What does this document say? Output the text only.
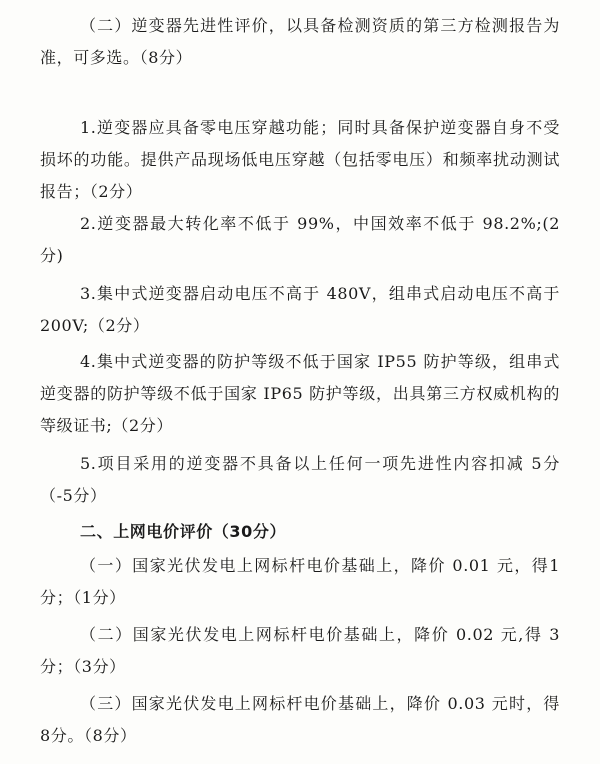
（二）逆变器先进性评价，以具备检测资质的第三方检测报告为准，可多选。（8分）

1.逆变器应具备零电压穿越功能；同时具备保护逆变器自身不受损坏的功能。提供产品现场低电压穿越（包括零电压）和频率扰动测试报告；（2分）

2.逆变器最大转化率不低于 99%，中国效率不低于 98.2%;(2分)

3.集中式逆变器启动电压不高于 480V，组串式启动电压不高于 200V;（2分）

4.集中式逆变器的防护等级不低于国家 IP55 防护等级，组串式逆变器的防护等级不低于国家 IP65 防护等级，出具第三方权威机构的等级证书;（2分）

5.项目采用的逆变器不具备以上任何一项先进性内容扣减 5分（-5分）

二、上网电价评价（30分）

（一）国家光伏发电上网标杆电价基础上，降价 0.01 元，得1分；（1分）

（二）国家光伏发电上网标杆电价基础上，降价 0.02 元,得 3分；（3分）

（三）国家光伏发电上网标杆电价基础上，降价 0.03 元时，得 8分。（8分）
